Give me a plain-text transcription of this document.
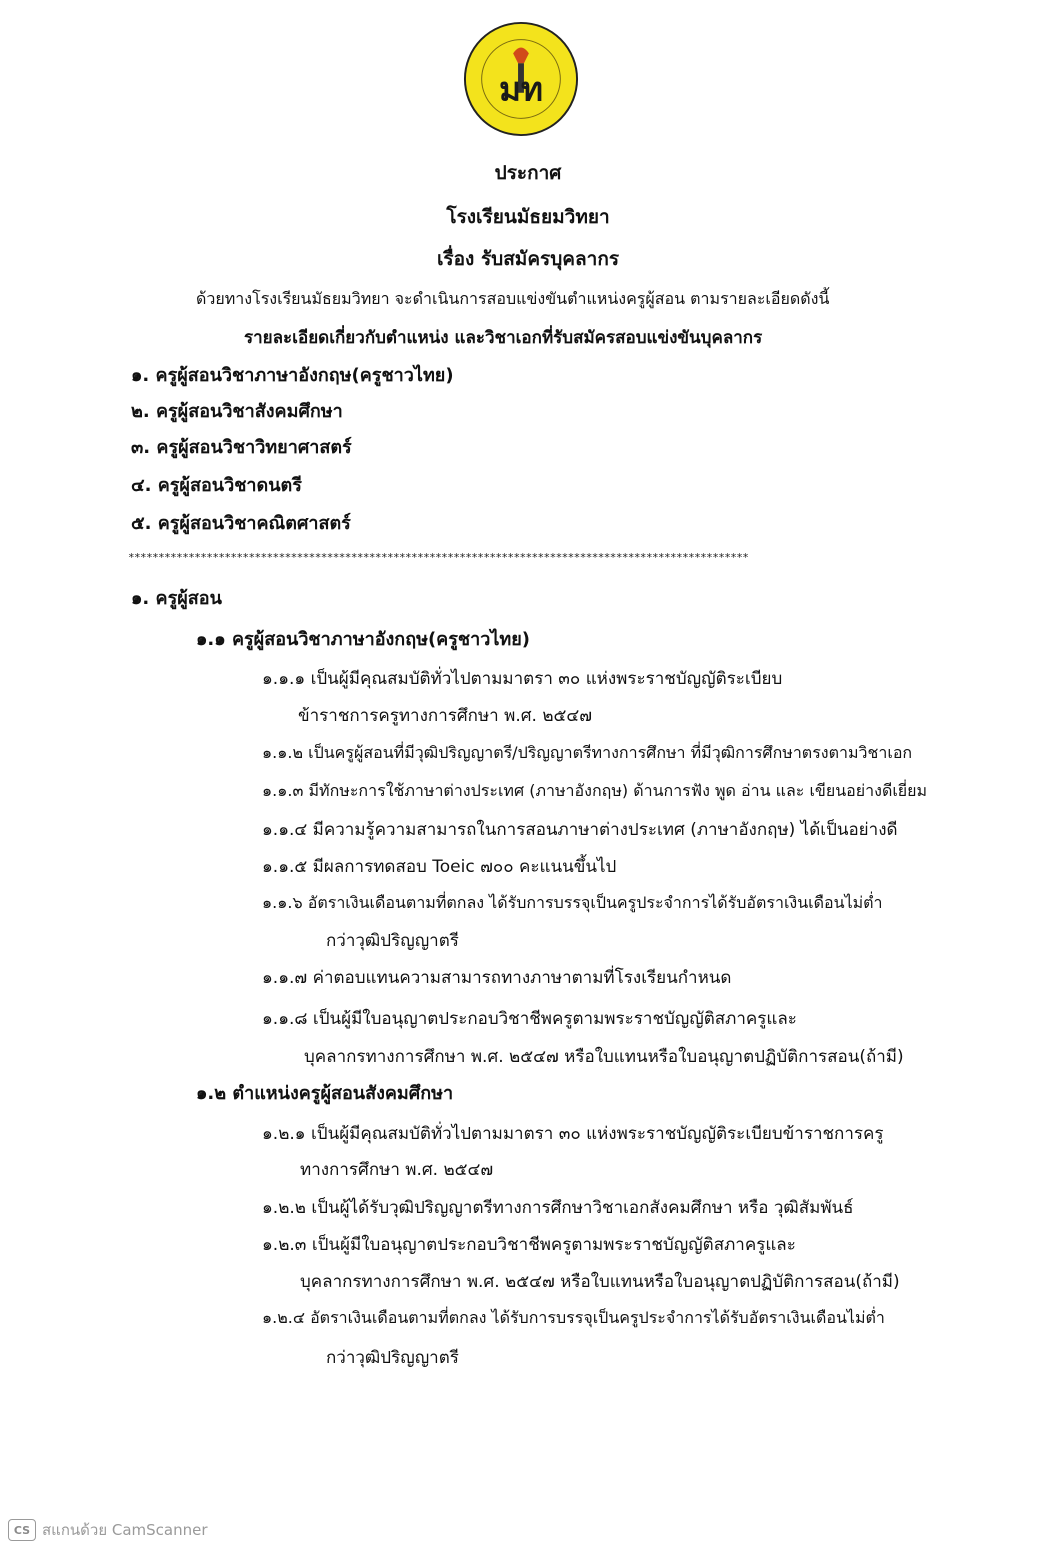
มท
ประกาศ
โรงเรียนมัธยมวิทยา
เรื่อง รับสมัครบุคลากร
ด้วยทางโรงเรียนมัธยมวิทยา จะดำเนินการสอบแข่งขันตำแหน่งครูผู้สอน ตามรายละเอียดดังนี้
รายละเอียดเกี่ยวกับตำแหน่ง และวิชาเอกที่รับสมัครสอบแข่งขันบุคลากร
๑. ครูผู้สอนวิชาภาษาอังกฤษ(ครูชาวไทย)
๒. ครูผู้สอนวิชาสังคมศึกษา
๓. ครูผู้สอนวิชาวิทยาศาสตร์
๔. ครูผู้สอนวิชาดนตรี
๕. ครูผู้สอนวิชาคณิตศาสตร์
*******************************************************************************************************
๑. ครูผู้สอน
๑.๑ ครูผู้สอนวิชาภาษาอังกฤษ(ครูชาวไทย)
๑.๑.๑ เป็นผู้มีคุณสมบัติทั่วไปตามมาตรา ๓๐ แห่งพระราชบัญญัติระเบียบ
ข้าราชการครูทางการศึกษา พ.ศ. ๒๕๔๗
๑.๑.๒ เป็นครูผู้สอนที่มีวุฒิปริญญาตรี/ปริญญาตรีทางการศึกษา ที่มีวุฒิการศึกษาตรงตามวิชาเอก
๑.๑.๓ มีทักษะการใช้ภาษาต่างประเทศ (ภาษาอังกฤษ) ด้านการฟัง พูด อ่าน และ เขียนอย่างดีเยี่ยม
๑.๑.๔ มีความรู้ความสามารถในการสอนภาษาต่างประเทศ (ภาษาอังกฤษ) ได้เป็นอย่างดี
๑.๑.๕ มีผลการทดสอบ Toeic ๗๐๐ คะแนนขึ้นไป
๑.๑.๖ อัตราเงินเดือนตามที่ตกลง ได้รับการบรรจุเป็นครูประจำการได้รับอัตราเงินเดือนไม่ต่ำ
กว่าวุฒิปริญญาตรี
๑.๑.๗ ค่าตอบแทนความสามารถทางภาษาตามที่โรงเรียนกำหนด
๑.๑.๘ เป็นผู้มีใบอนุญาตประกอบวิชาชีพครูตามพระราชบัญญัติสภาครูและ
บุคลากรทางการศึกษา พ.ศ. ๒๕๔๗ หรือใบแทนหรือใบอนุญาตปฏิบัติการสอน(ถ้ามี)
๑.๒ ตำแหน่งครูผู้สอนสังคมศึกษา
๑.๒.๑ เป็นผู้มีคุณสมบัติทั่วไปตามมาตรา ๓๐ แห่งพระราชบัญญัติระเบียบข้าราชการครู
ทางการศึกษา พ.ศ. ๒๕๔๗
๑.๒.๒ เป็นผู้ได้รับวุฒิปริญญาตรีทางการศึกษาวิชาเอกสังคมศึกษา หรือ วุฒิสัมพันธ์
๑.๒.๓ เป็นผู้มีใบอนุญาตประกอบวิชาชีพครูตามพระราชบัญญัติสภาครูและ
บุคลากรทางการศึกษา พ.ศ. ๒๕๔๗ หรือใบแทนหรือใบอนุญาตปฏิบัติการสอน(ถ้ามี)
๑.๒.๔ อัตราเงินเดือนตามที่ตกลง ได้รับการบรรจุเป็นครูประจำการได้รับอัตราเงินเดือนไม่ต่ำ
กว่าวุฒิปริญญาตรี
CS สแกนด้วย CamScanner
